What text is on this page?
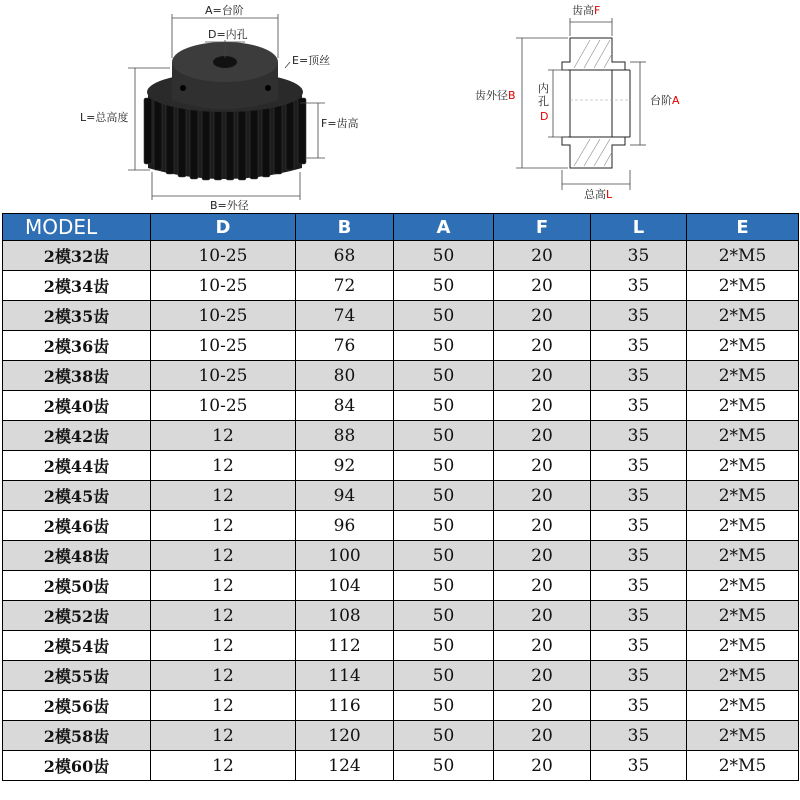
A=台阶
D=内孔
E=顶丝
L=总高度	F=齿高
B=外径
齿高F
齿外径B
内
孔
D
台阶A
总高L
MODEL	D	B	A	F	L	E
2模32齿	10-25	68	50	20	35	2*M5
2模34齿	10-25	72	50	20	35	2*M5
2模35齿	10-25	74	50	20	35	2*M5
2模36齿	10-25	76	50	20	35	2*M5
2模38齿	10-25	80	50	20	35	2*M5
2模40齿	10-25	84	50	20	35	2*M5
2模42齿	12	88	50	20	35	2*M5
2模44齿	12	92	50	20	35	2*M5
2模45齿	12	94	50	20	35	2*M5
2模46齿	12	96	50	20	35	2*M5
2模48齿	12	100	50	20	35	2*M5
2模50齿	12	104	50	20	35	2*M5
2模52齿	12	108	50	20	35	2*M5
2模54齿	12	112	50	20	35	2*M5
2模55齿	12	114	50	20	35	2*M5
2模56齿	12	116	50	20	35	2*M5
2模58齿	12	120	50	20	35	2*M5
2模60齿	12	124	50	20	35	2*M5
